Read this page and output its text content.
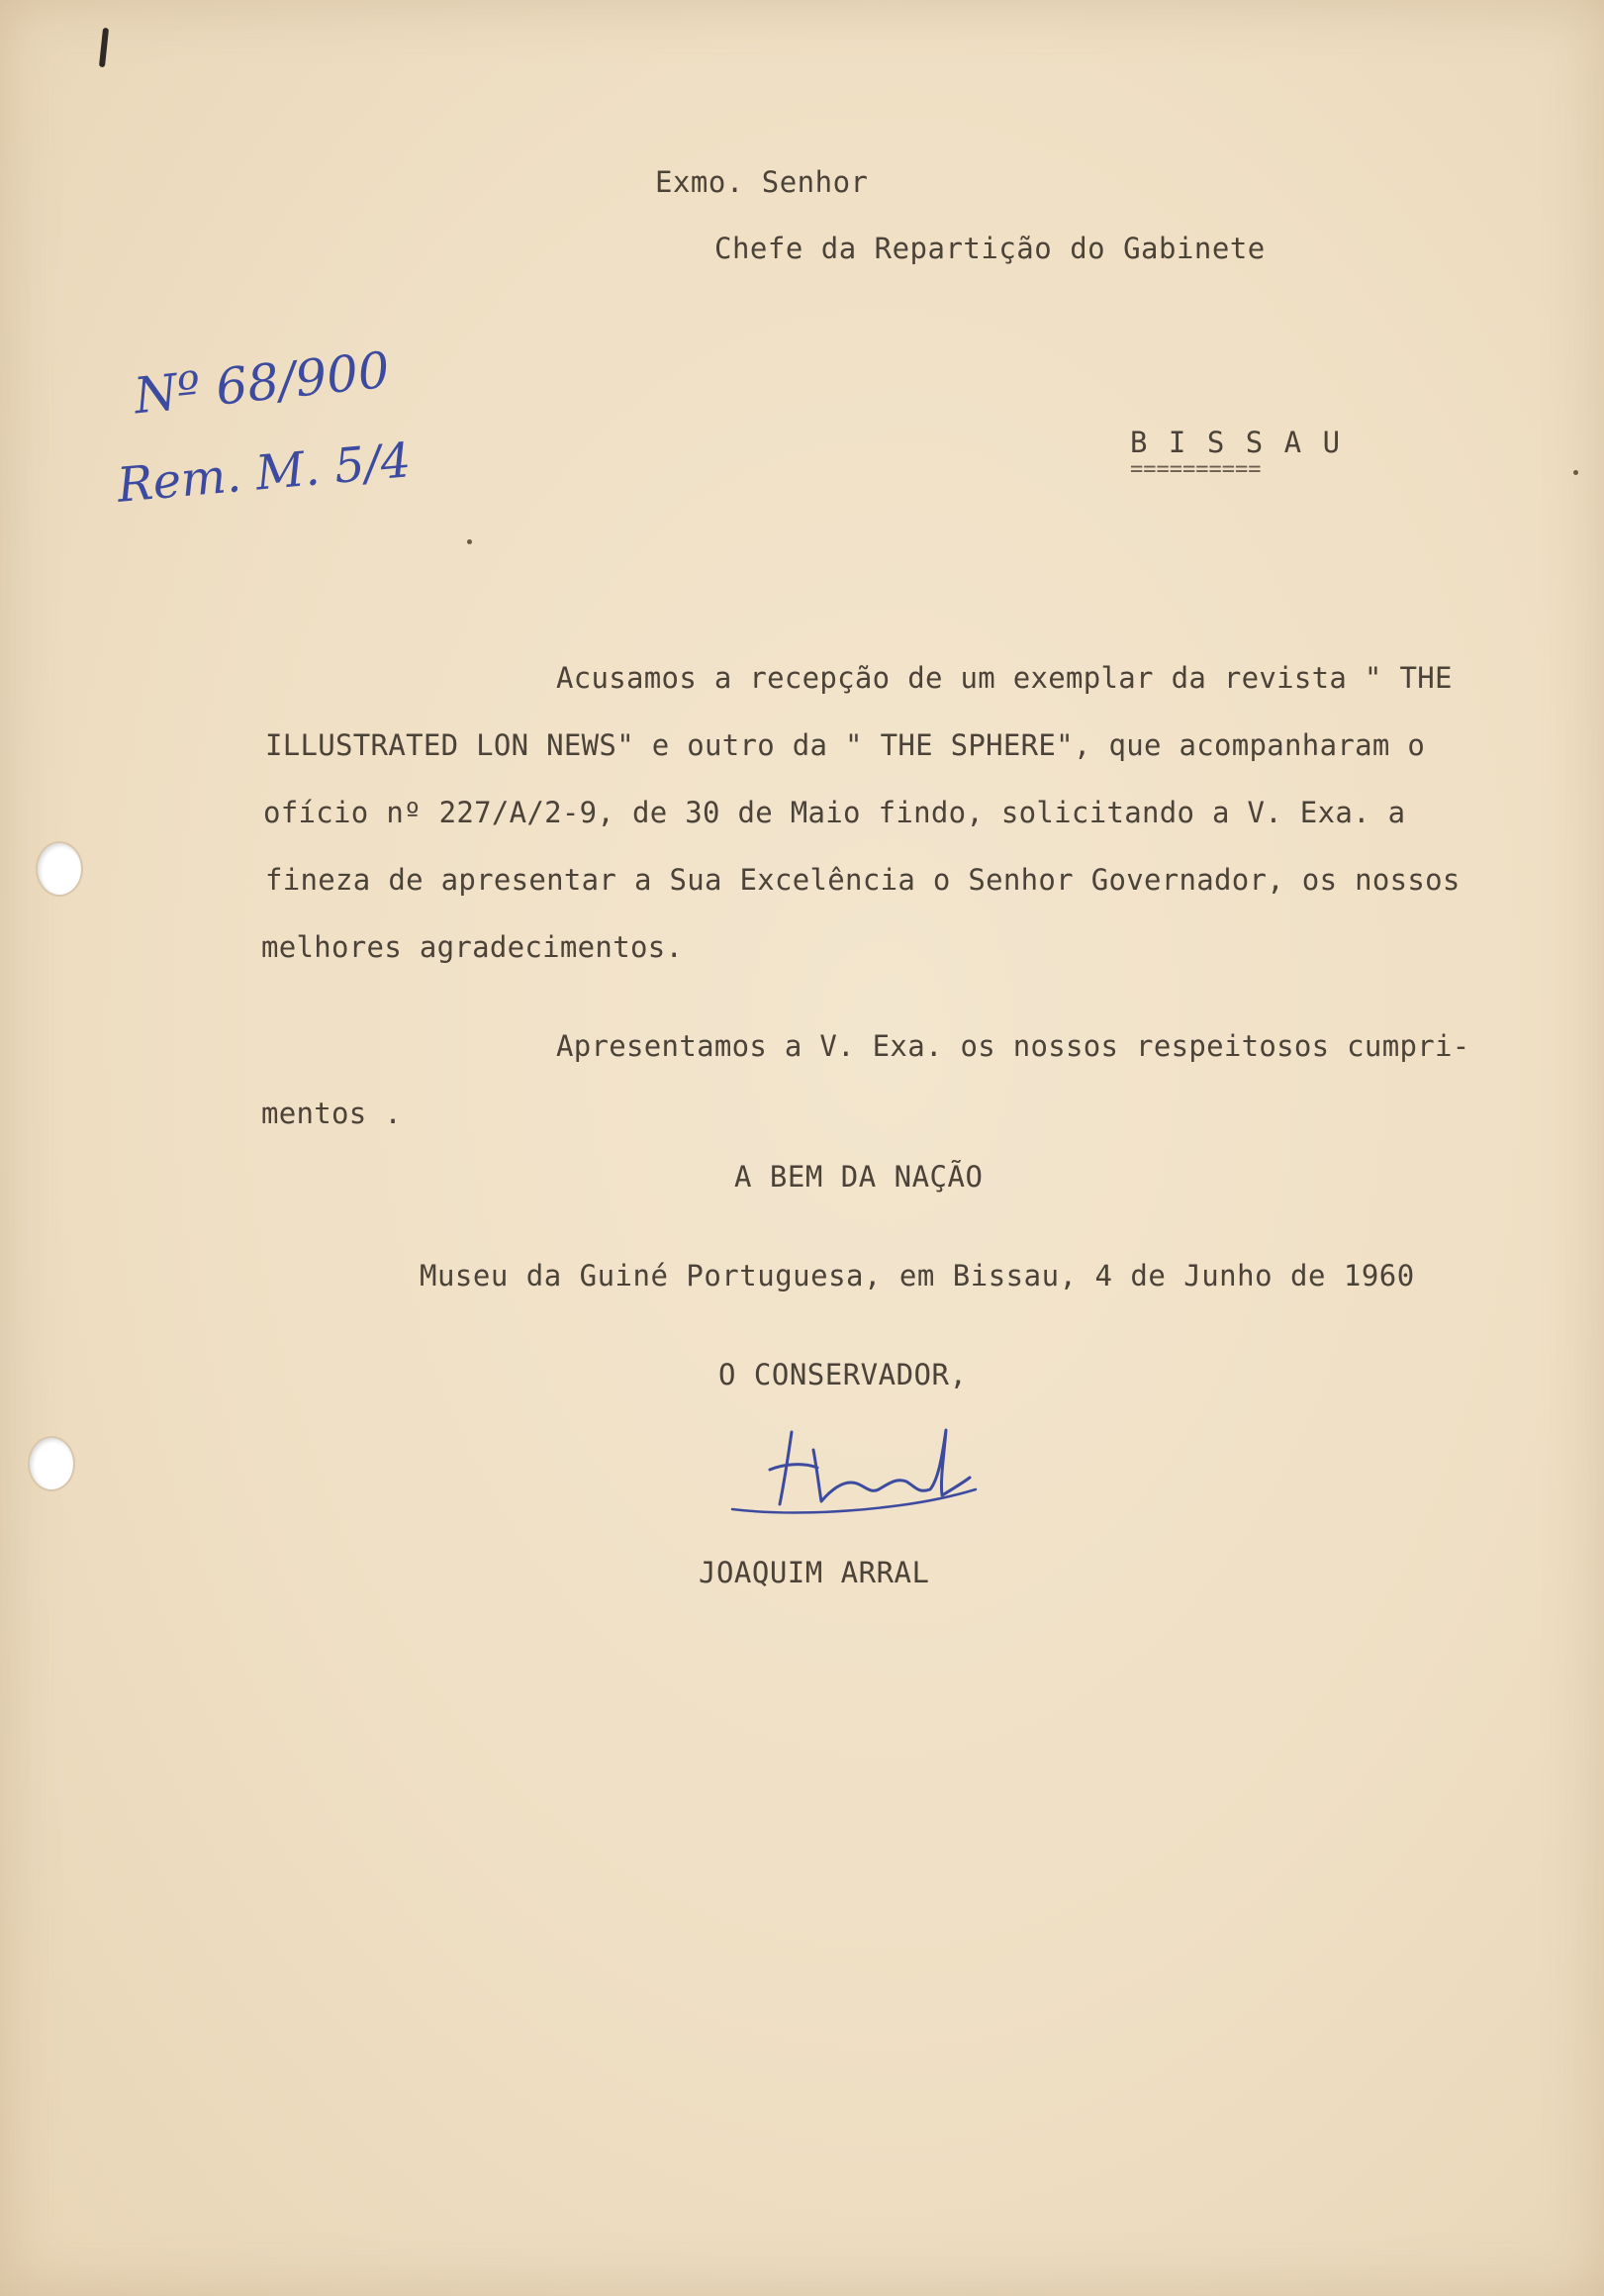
Exmo. Senhor
Chefe da Repartição do Gabinete
Nº 68/900
Rem. M. 5/4	B I S S A U
==========
Acusamos a recepção de um exemplar da revista " THE
ILLUSTRATED LON NEWS" e outro da " THE SPHERE", que acompanharam o
ofício nº 227/A/2-9, de 30 de Maio findo, solicitando a V. Exa. a
fineza de apresentar a Sua Excelência o Senhor Governador, os nossos
melhores agradecimentos.
Apresentamos a V. Exa. os nossos respeitosos cumpri-
mentos .
A BEM DA NAÇÃO
Museu da Guiné Portuguesa, em Bissau, 4 de Junho de 1960
O CONSERVADOR,
JOAQUIM ARRAL
